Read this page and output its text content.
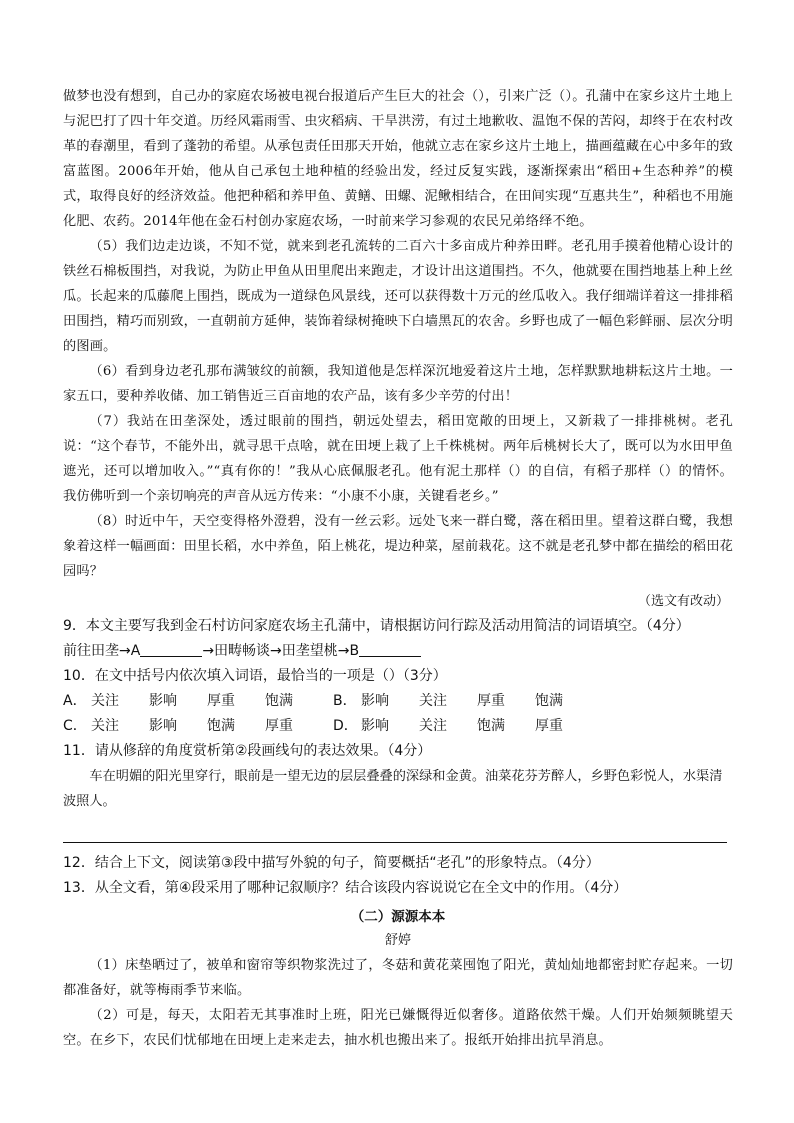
做梦也没有想到，自己办的家庭农场被电视台报道后产生巨大的社会（），引来广泛（）。孔蒲中在家乡这片土地上与泥巴打了四十年交道。历经风霜雨雪、虫灾稻病、干旱洪涝，有过土地歉收、温饱不保的苦闷，却终于在农村改革的春潮里，看到了蓬勃的希望。从承包责任田那天开始，他就立志在家乡这片土地上，描画蕴藏在心中多年的致富蓝图。2006年开始，他从自己承包土地种植的经验出发，经过反复实践，逐渐探索出“稻田+生态种养”的模式，取得良好的经济效益。他把种稻和养甲鱼、黄鳝、田螺、泥鳅相结合，在田间实现“互惠共生”，种稻也不用施化肥、农药。2014年他在金石村创办家庭农场，一时前来学习参观的农民兄弟络绎不绝。

（5）我们边走边谈，不知不觉，就来到老孔流转的二百六十多亩成片种养田畔。老孔用手摸着他精心设计的铁丝石棉板围挡，对我说，为防止甲鱼从田里爬出来跑走，才设计出这道围挡。不久，他就要在围挡地基上种上丝瓜。长起来的瓜藤爬上围挡，既成为一道绿色风景线，还可以获得数十万元的丝瓜收入。我仔细端详着这一排排稻田围挡，精巧而别致，一直朝前方延伸，装饰着绿树掩映下白墙黑瓦的农舍。乡野也成了一幅色彩鲜丽、层次分明的图画。

（6）看到身边老孔那布满皱纹的前额，我知道他是怎样深沉地爱着这片土地，怎样默默地耕耘这片土地。一家五口，要种养收储、加工销售近三百亩地的农产品，该有多少辛劳的付出！

（7）我站在田垄深处，透过眼前的围挡，朝远处望去，稻田宽敞的田埂上，又新栽了一排排桃树。老孔说：“这个春节，不能外出，就寻思干点啥，就在田埂上栽了上千株桃树。两年后桃树长大了，既可以为水田甲鱼遮光，还可以增加收入。”“真有你的！”我从心底佩服老孔。他有泥土那样（）的自信，有稻子那样（）的情怀。我仿佛听到一个亲切响亮的声音从远方传来：“小康不小康，关键看老乡。”

（8）时近中午，天空变得格外澄碧，没有一丝云彩。远处飞来一群白鹭，落在稻田里。望着这群白鹭，我想象着这样一幅画面：田里长稻，水中养鱼，陌上桃花，堤边种菜，屋前栽花。这不就是老孔梦中都在描绘的稻田花园吗？

（选文有改动）

9．本文主要写我到金石村访问家庭农场主孔蒲中，请根据访问行踪及活动用简洁的词语填空。（4分）

前往田垄→A	→田畴畅谈→田垄望桃→B

10．在文中括号内依次填入词语，最恰当的一项是（）（3分）

A． 关注	影响	厚重	饱满	B． 影响	关注	厚重	饱满
C． 关注	影响	饱满	厚重	D． 影响	关注	饱满	厚重

11．请从修辞的角度赏析第②段画线句的表达效果。（4分）

车在明媚的阳光里穿行，眼前是一望无边的层层叠叠的深绿和金黄。油菜花芬芳醉人，乡野色彩悦人，水渠清波照人。

12．结合上下文，阅读第③段中描写外貌的句子，简要概括“老孔”的形象特点。（4分）

13．从全文看，第④段采用了哪种记叙顺序？结合该段内容说说它在全文中的作用。（4分）

（二）源源本本
舒婷

（1）床垫晒过了，被单和窗帘等织物浆洗过了，冬菇和黄花菜囤饱了阳光，黄灿灿地都密封贮存起来。一切都准备好，就等梅雨季节来临。

（2）可是，每天，太阳若无其事准时上班，阳光已嫌慨得近似奢侈。道路依然干燥。人们开始频频眺望天空。在乡下，农民们忧郁地在田埂上走来走去，抽水机也搬出来了。报纸开始排出抗旱消息。
